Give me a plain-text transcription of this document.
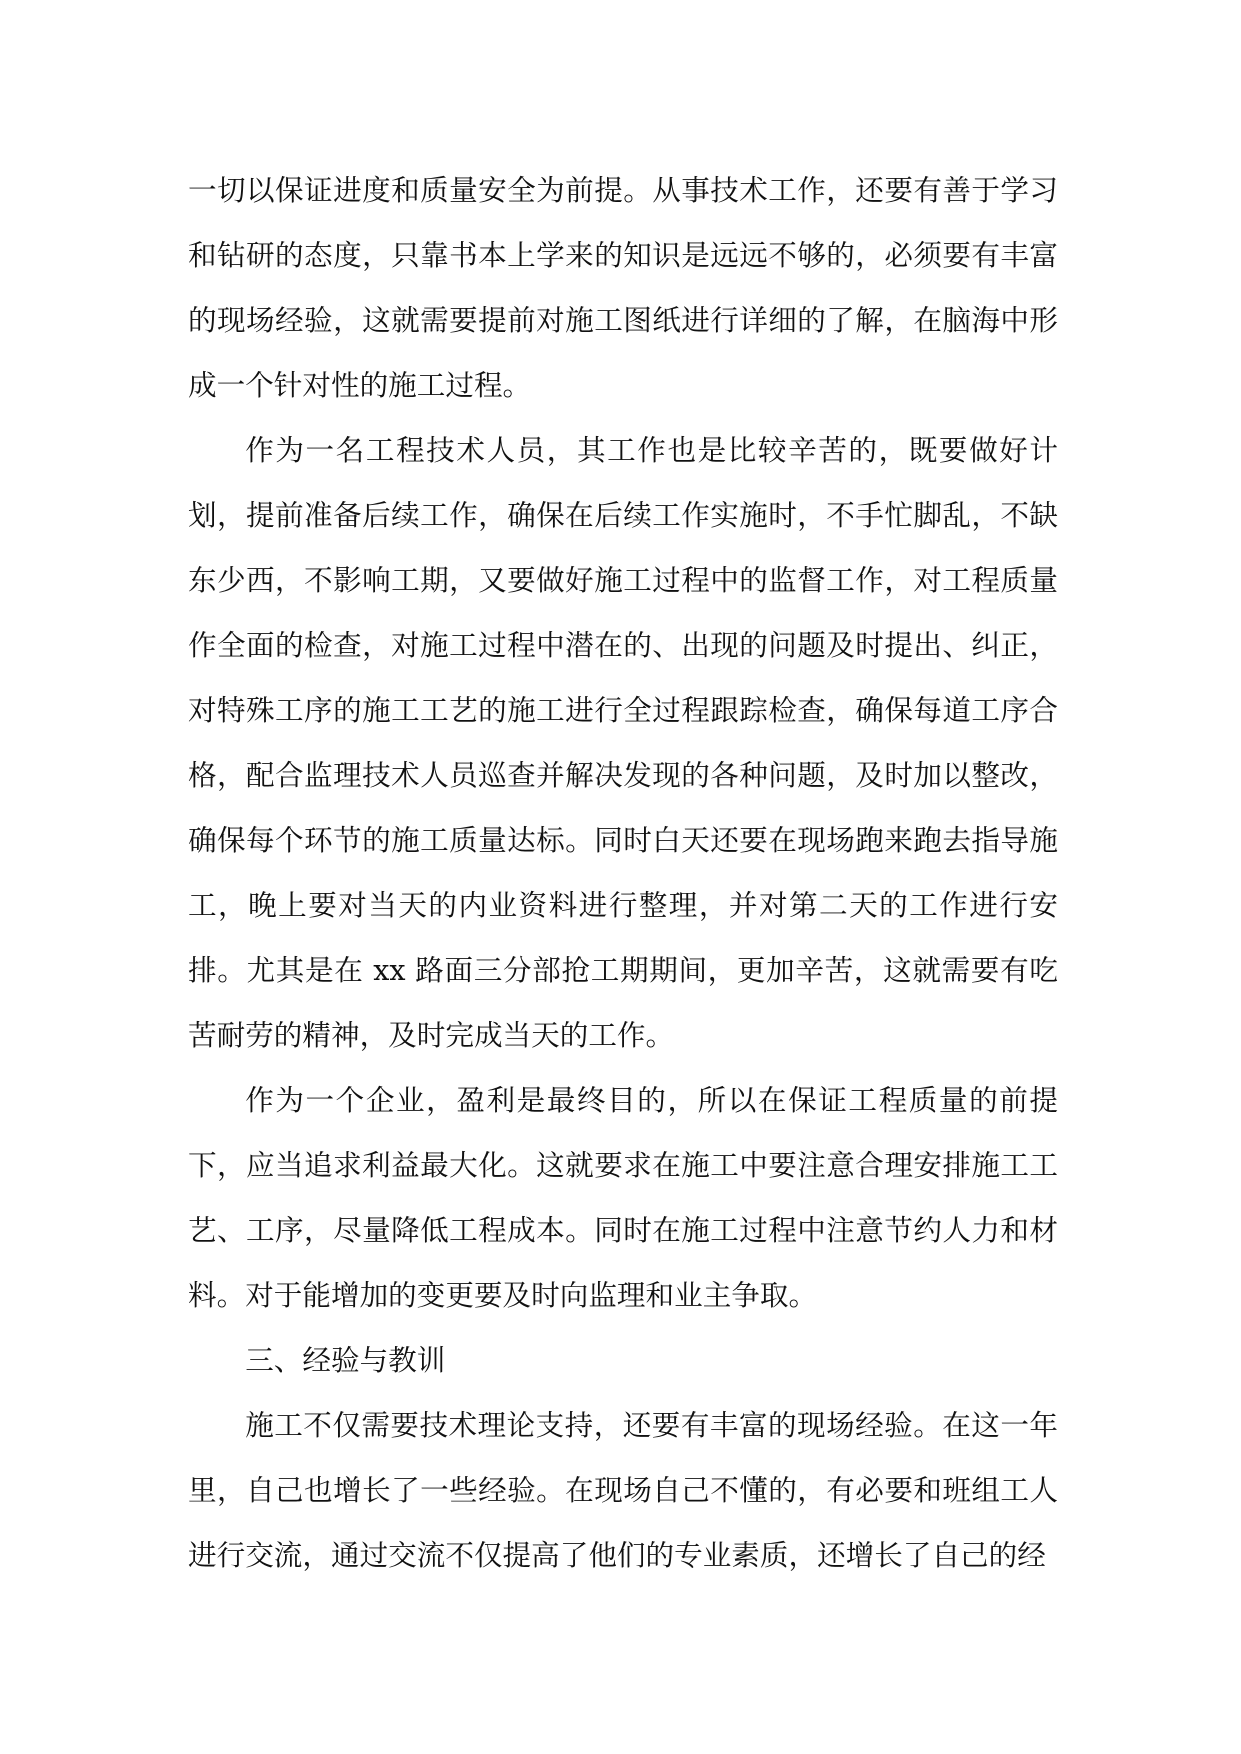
一切以保证进度和质量安全为前提。从事技术工作，还要有善于学习和钻研的态度，只靠书本上学来的知识是远远不够的，必须要有丰富的现场经验，这就需要提前对施工图纸进行详细的了解，在脑海中形成一个针对性的施工过程。

作为一名工程技术人员，其工作也是比较辛苦的，既要做好计划，提前准备后续工作，确保在后续工作实施时，不手忙脚乱，不缺东少西，不影响工期，又要做好施工过程中的监督工作，对工程质量作全面的检查，对施工过程中潜在的、出现的问题及时提出、纠正，对特殊工序的施工工艺的施工进行全过程跟踪检查，确保每道工序合格，配合监理技术人员巡查并解决发现的各种问题，及时加以整改，确保每个环节的施工质量达标。同时白天还要在现场跑来跑去指导施工，晚上要对当天的内业资料进行整理，并对第二天的工作进行安排。尤其是在 xx 路面三分部抢工期期间，更加辛苦，这就需要有吃苦耐劳的精神，及时完成当天的工作。

作为一个企业，盈利是最终目的，所以在保证工程质量的前提下，应当追求利益最大化。这就要求在施工中要注意合理安排施工工艺、工序，尽量降低工程成本。同时在施工过程中注意节约人力和材料。对于能增加的变更要及时向监理和业主争取。

三、经验与教训

施工不仅需要技术理论支持，还要有丰富的现场经验。在这一年里，自己也增长了一些经验。在现场自己不懂的，有必要和班组工人进行交流，通过交流不仅提高了他们的专业素质，还增长了自己的经
